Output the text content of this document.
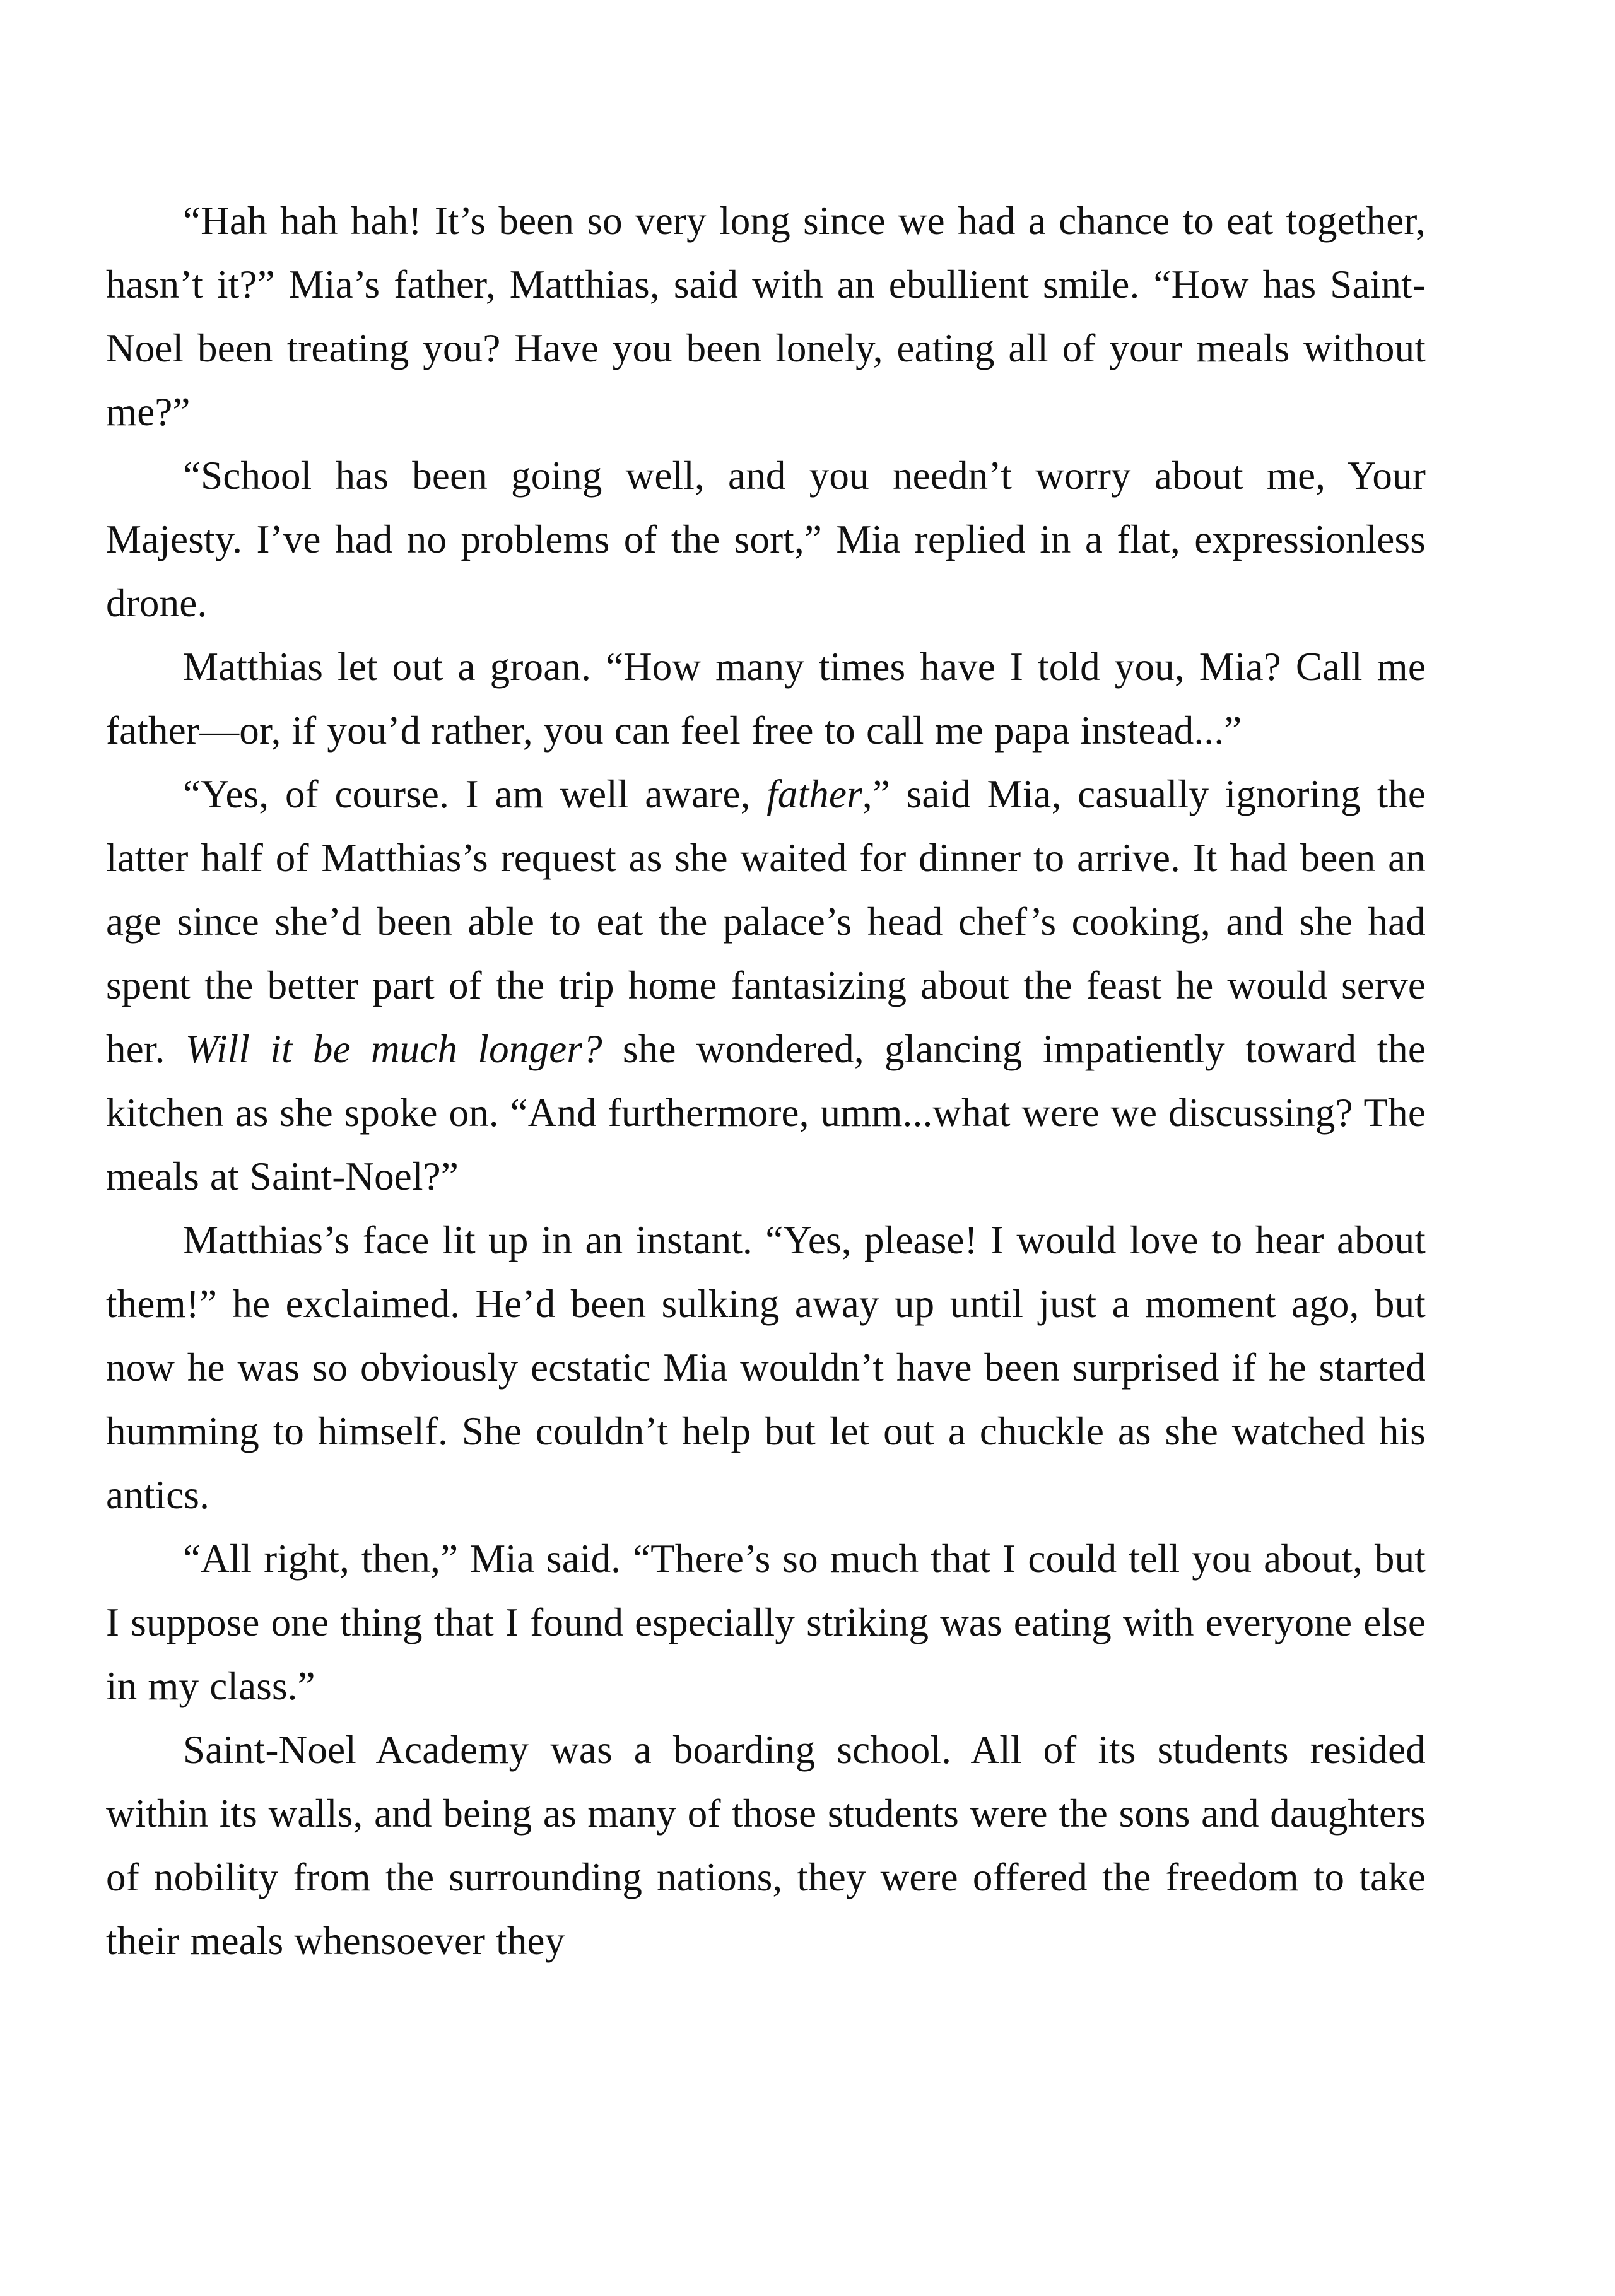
“Hah hah hah! It’s been so very long since we had a chance to eat together, hasn’t it?” Mia’s father, Matthias, said with an ebullient smile. “How has Saint-Noel been treating you? Have you been lonely, eating all of your meals without me?”

“School has been going well, and you needn’t worry about me, Your Majesty. I’ve had no problems of the sort,” Mia replied in a flat, expressionless drone.

Matthias let out a groan. “How many times have I told you, Mia? Call me father—or, if you’d rather, you can feel free to call me papa instead...”

“Yes, of course. I am well aware, father,” said Mia, casually ignoring the latter half of Matthias’s request as she waited for dinner to arrive. It had been an age since she’d been able to eat the palace’s head chef’s cooking, and she had spent the better part of the trip home fantasizing about the feast he would serve her. Will it be much longer? she wondered, glancing impatiently toward the kitchen as she spoke on. “And furthermore, umm...what were we discussing? The meals at Saint-Noel?”

Matthias’s face lit up in an instant. “Yes, please! I would love to hear about them!” he exclaimed. He’d been sulking away up until just a moment ago, but now he was so obviously ecstatic Mia wouldn’t have been surprised if he started humming to himself. She couldn’t help but let out a chuckle as she watched his antics.

“All right, then,” Mia said. “There’s so much that I could tell you about, but I suppose one thing that I found especially striking was eating with everyone else in my class.”

Saint-Noel Academy was a boarding school. All of its students resided within its walls, and being as many of those students were the sons and daughters of nobility from the surrounding nations, they were offered the freedom to take their meals whensoever they
